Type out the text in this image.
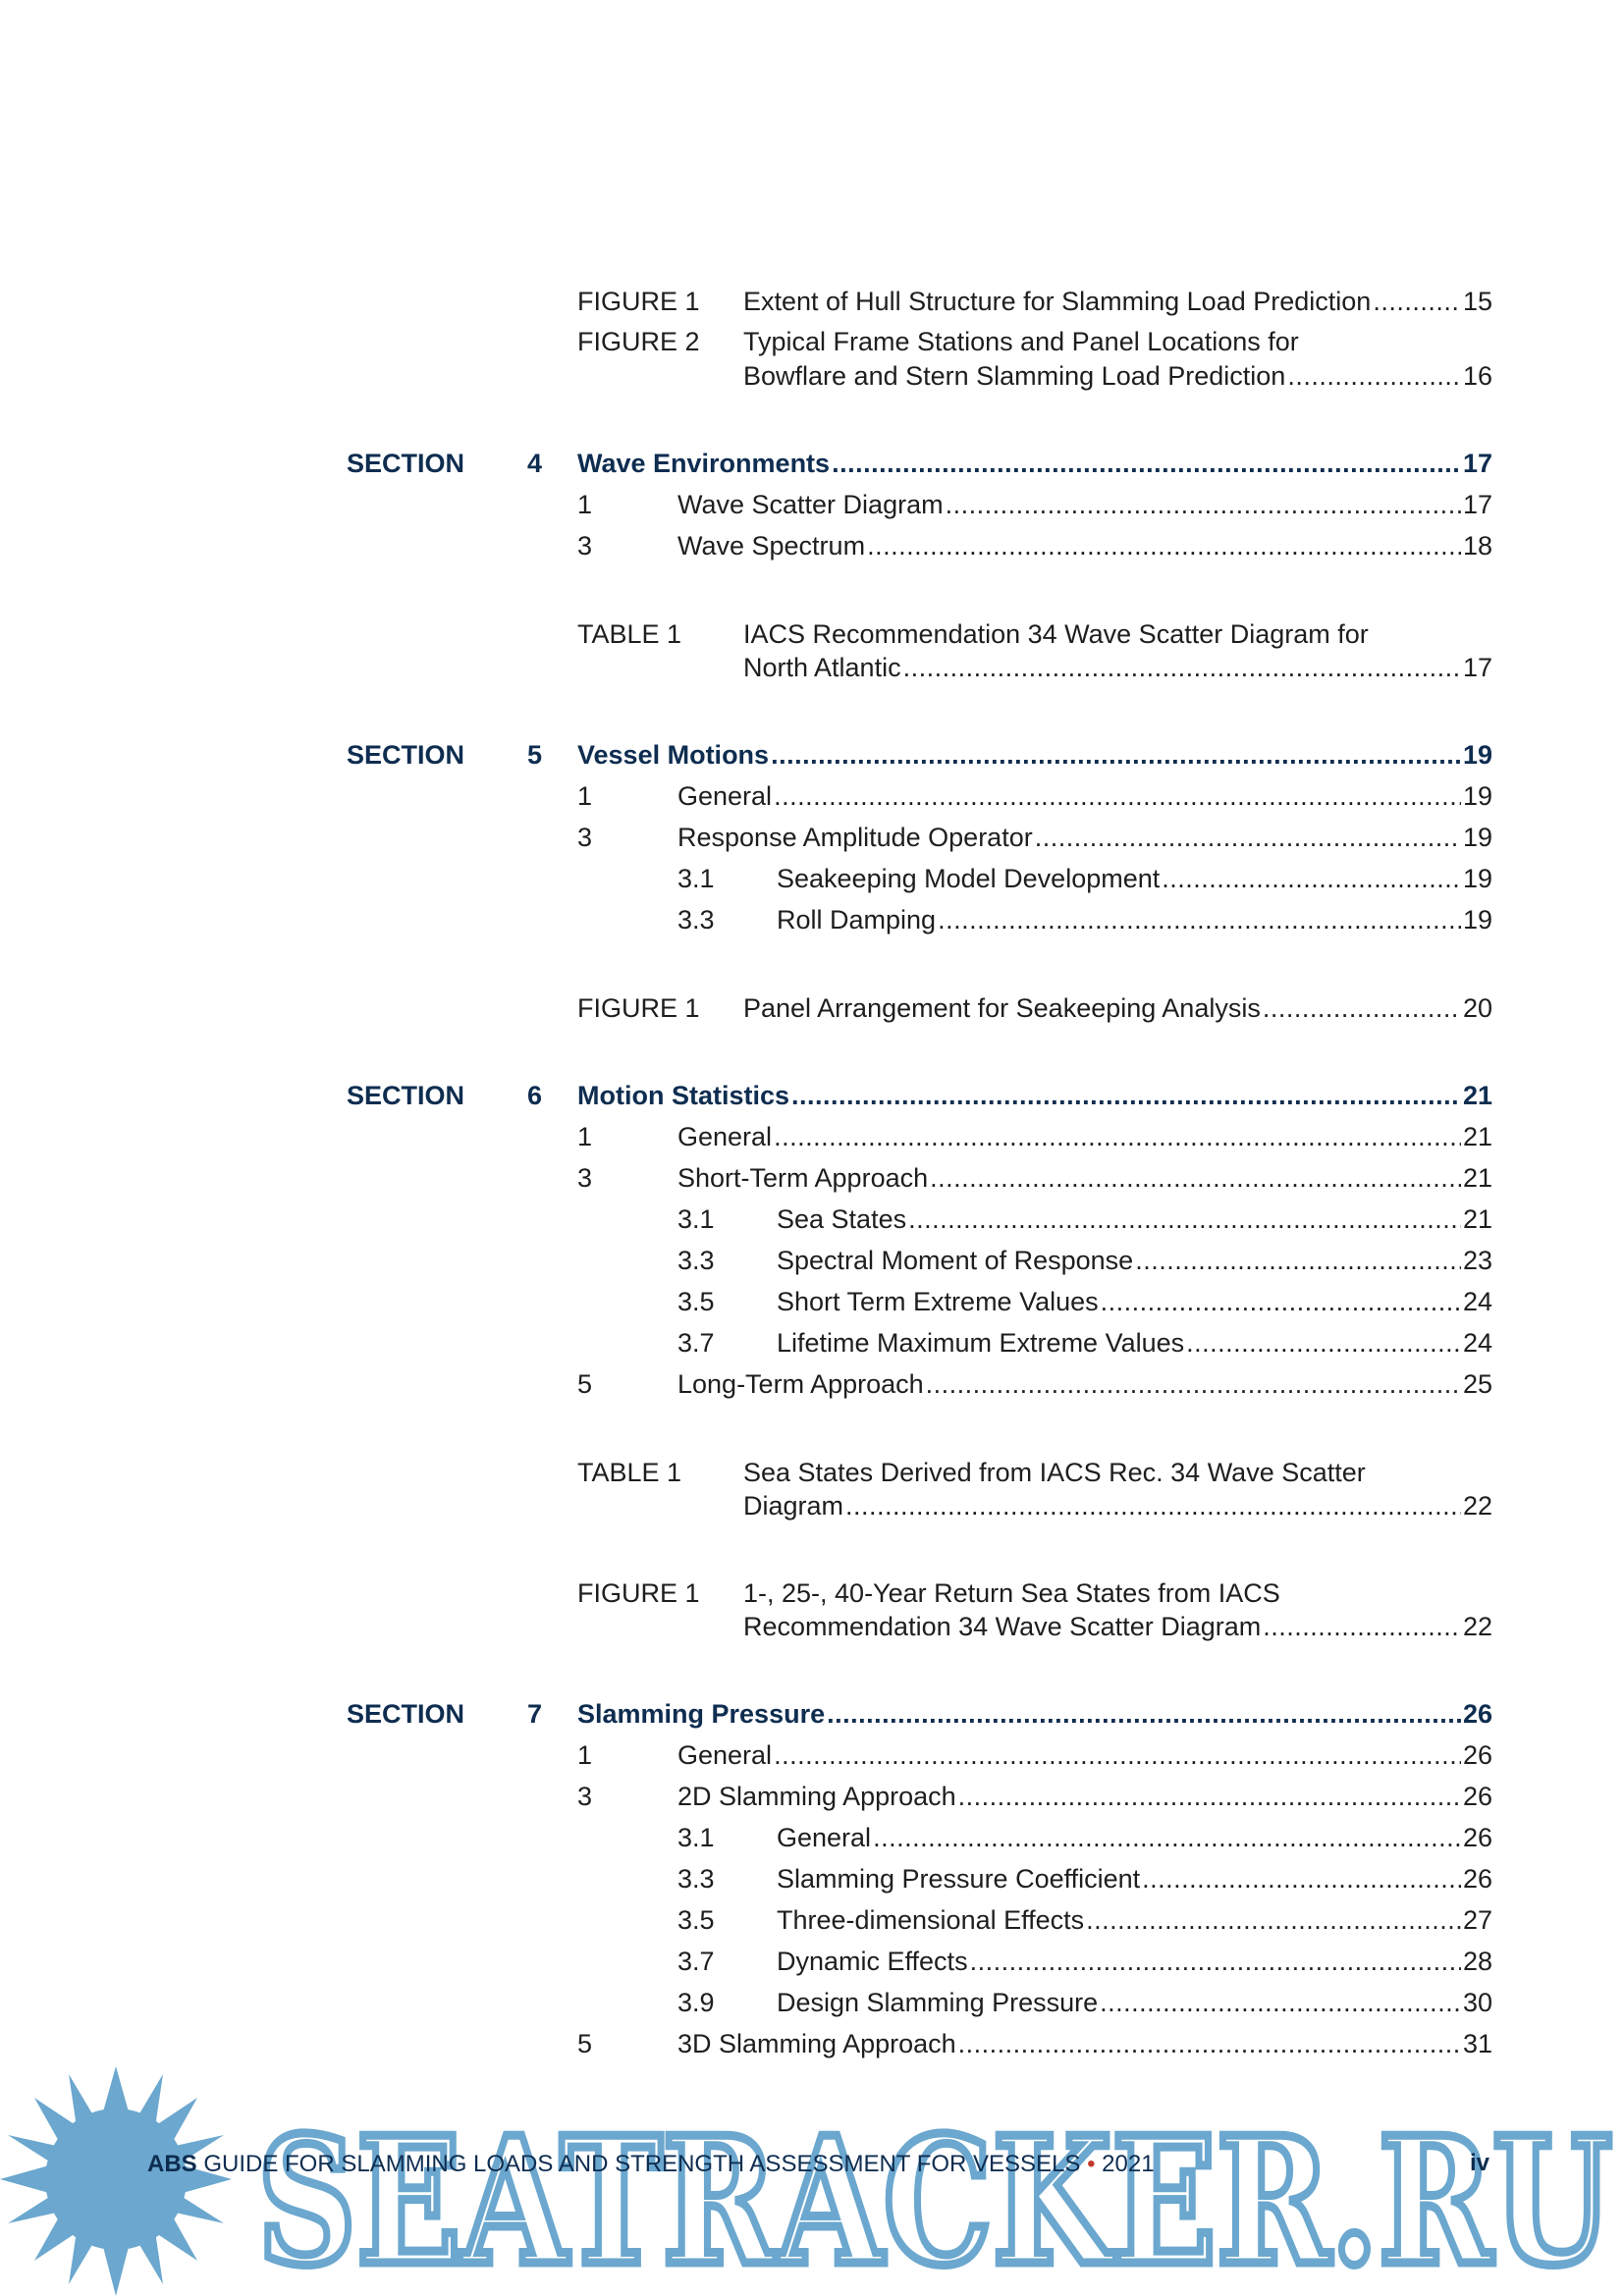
FIGURE 1 Extent of Hull Structure for Slamming Load Prediction .....	15
FIGURE 2 Typical Frame Stations and Panel Locations for
Bowflare and Stern Slamming Load Prediction .....	16
SECTION 4 Wave Environments .....	17
1	Wave Scatter Diagram .....	17
3	Wave Spectrum .....	18
TABLE 1 IACS Recommendation 34 Wave Scatter Diagram for
North Atlantic .....	17
SECTION 5 Vessel Motions .....	19
1	General .....	19
3	Response Amplitude Operator .....	19
3.1 Seakeeping Model Development .....	19
3.3 Roll Damping .....	19
FIGURE 1 Panel Arrangement for Seakeeping Analysis .....	20
SECTION 6 Motion Statistics .....	21
1	General .....	21
3	Short-Term Approach .....	21
3.1 Sea States .....	21
3.3 Spectral Moment of Response .....	23
3.5 Short Term Extreme Values .....	24
3.7 Lifetime Maximum Extreme Values .....	24
5	Long-Term Approach .....	25
TABLE 1 Sea States Derived from IACS Rec. 34 Wave Scatter
Diagram .....	22
FIGURE 1 1-, 25-, 40-Year Return Sea States from IACS
Recommendation 34 Wave Scatter Diagram .....	22
SECTION 7 Slamming Pressure .....	26
1	General .....	26
3	2D Slamming Approach .....	26
3.1 General .....	26
3.3 Slamming Pressure Coefficient .....	26
3.5 Three-dimensional Effects .....	27
3.7 Dynamic Effects .....	28
3.9 Design Slamming Pressure .....	30
5	3D Slamming Approach .....	31
SEATRACKER.RU
ABS GUIDE FOR SLAMMING LOADS AND STRENGTH ASSESSMENT FOR VESSELS • 2021	iv
